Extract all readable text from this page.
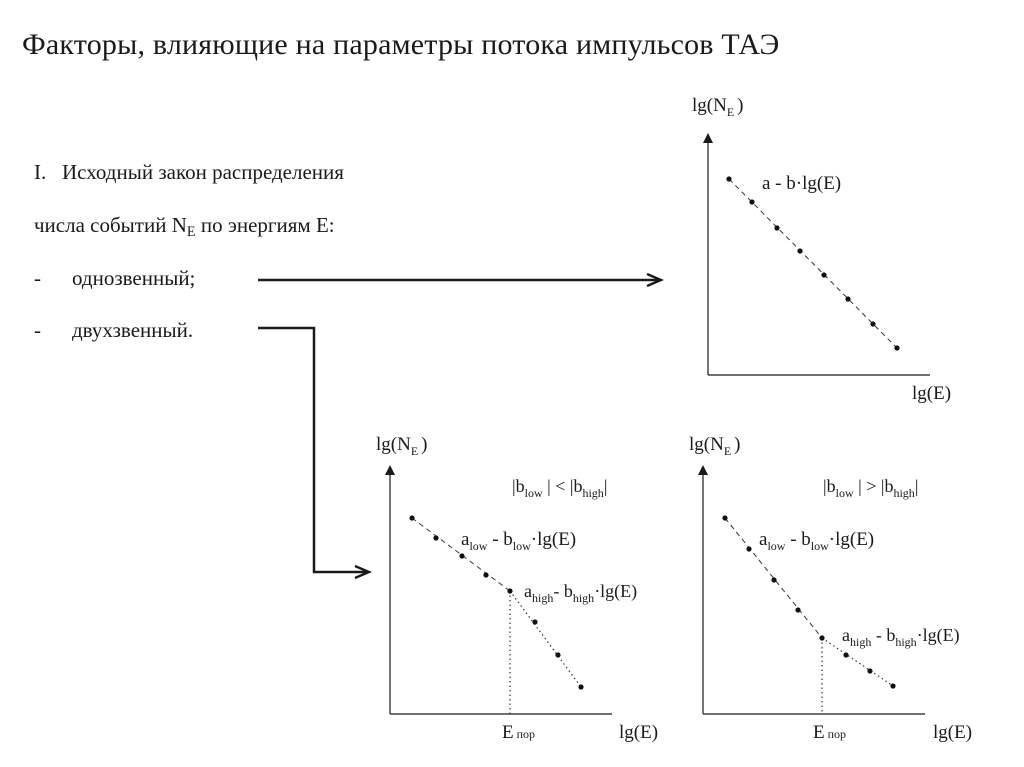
Факторы, влияющие на параметры потока импульсов ТАЭ
I. Исходный закон распределения
числа событий $N_E$ по энергиям E:
- однозвенный;
- двухзвенный.
$\lg(N_E$ )
lg(E)
a - b·lg(E)
$\lg(N_E$ )
lg(E)
Eпор
$|b_{low}$ | < $|b_{high}|$
$a_{low} - b_{low}\cdot\lg(E)$
$a_{high}-$ $b_{high}\cdot\lg(E)$
$\lg(N_E$ )
lg(E)
Eпор
$|b_{low}$ | > $|b_{high}|$
$a_{low} - b_{low}\cdot\lg(E)$
$a_{high} - b_{high}\cdot\lg(E)$
